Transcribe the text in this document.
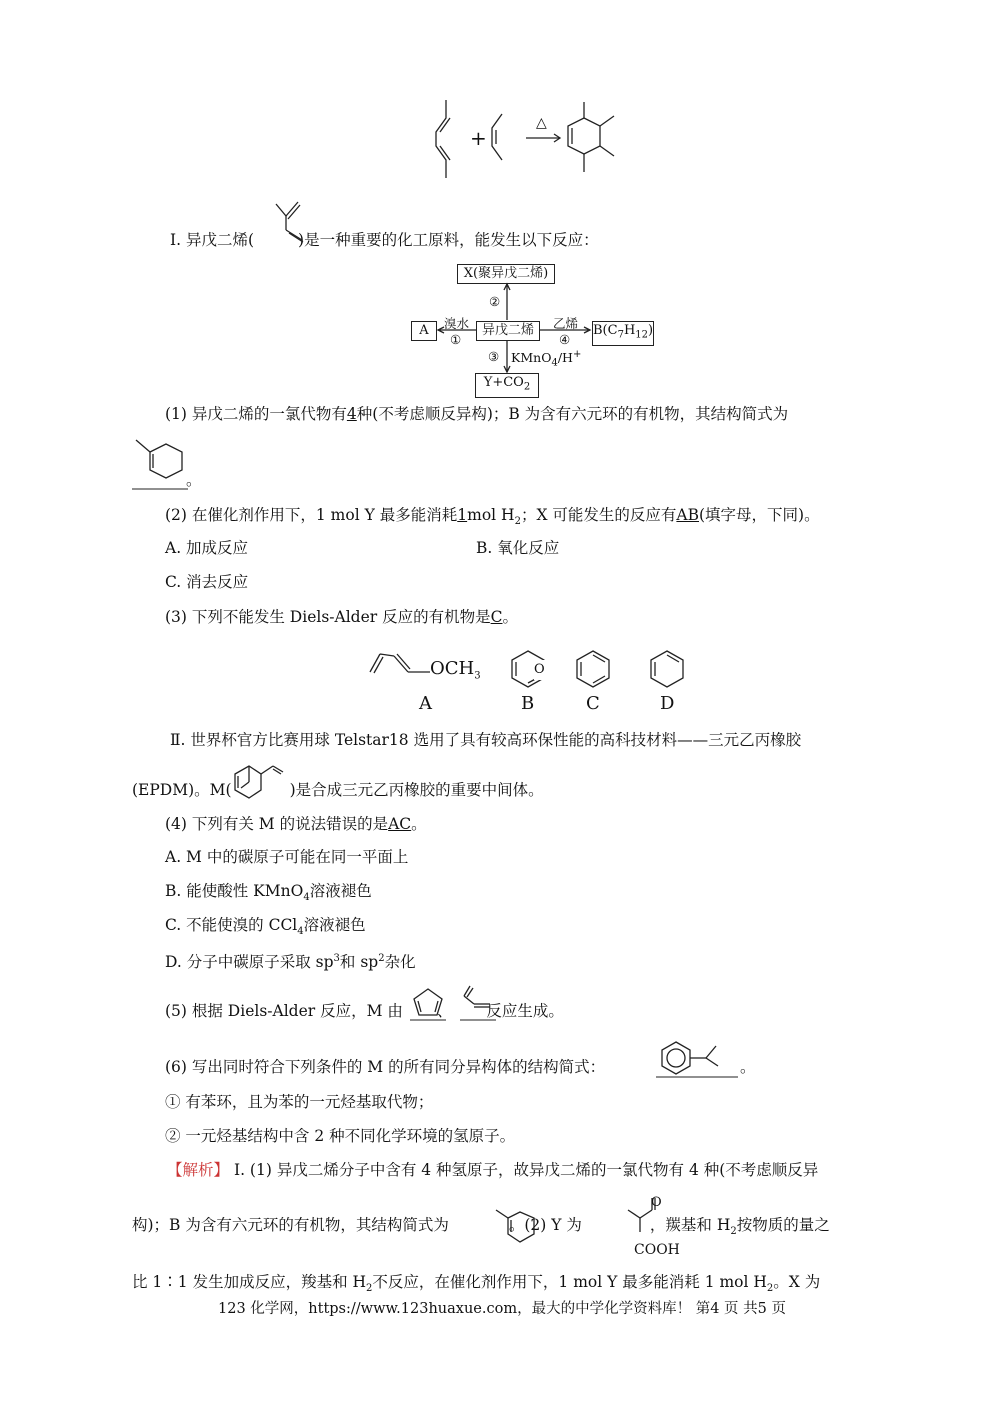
+
△
Ⅰ. 异戊二烯(	)是一种重要的化工原料，能发生以下反应：
X(聚异戊二烯)
异戊二烯
A	$B(C_7H_{12})$
$Y+CO_2$
②
溴水
①
乙烯
④
③ KMnO$_4$/H+
(1) 异戊二烯的一氯代物有4种(不考虑顺反异构)；B 为含有六元环的有机物，其结构简式为
。
(2) 在催化剂作用下，1 mol Y 最多能消耗1mol $H_2$；X 可能发生的反应有AB(填字母，下同)。
A. 加成反应	B. 氧化反应
C. 消去反应
(3) 下列不能发生 Diels-Alder 反应的有机物是C。
$OCH_3$	O
A	B	C	D
Ⅱ. 世界杯官方比赛用球 Telstar18 选用了具有较高环保性能的高科技材料——三元乙丙橡胶
(EPDM)。M(	)是合成三元乙丙橡胶的重要中间体。
(4) 下列有关 M 的说法错误的是AC。
A. M 中的碳原子可能在同一平面上
B. 能使酸性 KMnO$_4$溶液褪色
C. 不能使溴的 CCl$_4$溶液褪色
D. 分子中碳原子采取 $sp^3$和 $sp^2$杂化
(5) 根据 Diels-Alder 反应，M 由 、 反应生成。
(6) 写出同时符合下列条件的 M 的所有同分异构体的结构简式：	。
① 有苯环，且为苯的一元烃基取代物；
② 一元烃基结构中含 2 种不同化学环境的氢原子。
【解析】 Ⅰ. (1) 异戊二烯分子中含有 4 种氢原子，故异戊二烯的一氯代物有 4 种(不考虑顺反异
构)；B 为含有六元环的有机物，其结构简式为	。(2) Y 为	，羰基和 $H_2$按物质的量之
O
COOH
比 1∶1 发生加成反应，羧基和 $H_2$不反应，在催化剂作用下，1 mol Y 最多能消耗 1 mol $H_2$。X 为
123 化学网，https://www.123huaxue.com，最大的中学化学资料库！ 第4 页 共5 页
